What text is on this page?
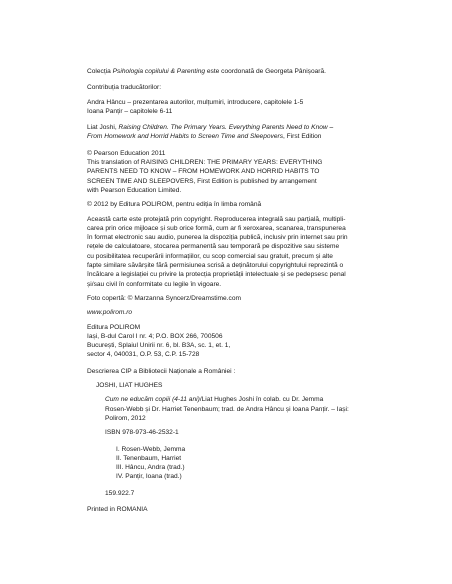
Colecția Psihologia copilului & Parenting este coordonată de Georgeta Pânișoară.

Contribuția traducătorilor:

Andra Hâncu – prezentarea autorilor, mulțumiri, introducere, capitolele 1-5

Ioana Panțir – capitolele 6-11

Liat Joshi, Raising Children. The Primary Years. Everything Parents Need to Know –

From Homework and Horrid Habits to Screen Time and Sleepovers, First Edition

© Pearson Education 2011

This translation of RAISING CHILDREN: THE PRIMARY YEARS: EVERYTHING

PARENTS NEED TO KNOW – FROM HOMEWORK AND HORRID HABITS TO

SCREEN TIME AND SLEEPOVERS, First Edition is published by arrangement

with Pearson Education Limited.

© 2012 by Editura POLIROM, pentru ediția în limba română

Această carte este protejată prin copyright. Reproducerea integrală sau parțială, multipli-

carea prin orice mijloace și sub orice formă, cum ar fi xeroxarea, scanarea, transpunerea

în format electronic sau audio, punerea la dispoziția publică, inclusiv prin internet sau prin

rețele de calculatoare, stocarea permanentă sau temporară pe dispozitive sau sisteme

cu posibilitatea recuperării informațiilor, cu scop comercial sau gratuit, precum și alte

fapte similare săvârșite fără permisiunea scrisă a deținătorului copyrightului reprezintă o

încălcare a legislației cu privire la protecția proprietății intelectuale și se pedepsesc penal

și/sau civil în conformitate cu legile în vigoare.

Foto copertă: © Marzanna Syncerz/Dreamstime.com

www.polirom.ro

Editura POLIROM

Iași, B-dul Carol I nr. 4; P.O. BOX 266, 700506

București, Splaiul Unirii nr. 6, bl. B3A, sc. 1, et. 1,

sector 4, 040031, O.P. 53, C.P. 15-728

Descrierea CIP a Bibliotecii Naționale a României :

JOSHI, LIAT HUGHES

Cum ne educăm copiii (4-11 ani)/Liat Hughes Joshi în colab. cu Dr. Jemma

Rosen-Webb și Dr. Harriet Tenenbaum; trad. de Andra Hâncu și Ioana Panțir. – Iași:

Polirom, 2012

ISBN 978-973-46-2532-1

I. Rosen-Webb, Jemma

II. Tenenbaum, Harriet

III. Hâncu, Andra (trad.)

IV. Panțir, Ioana (trad.)

159.922.7

Printed in ROMANIA
